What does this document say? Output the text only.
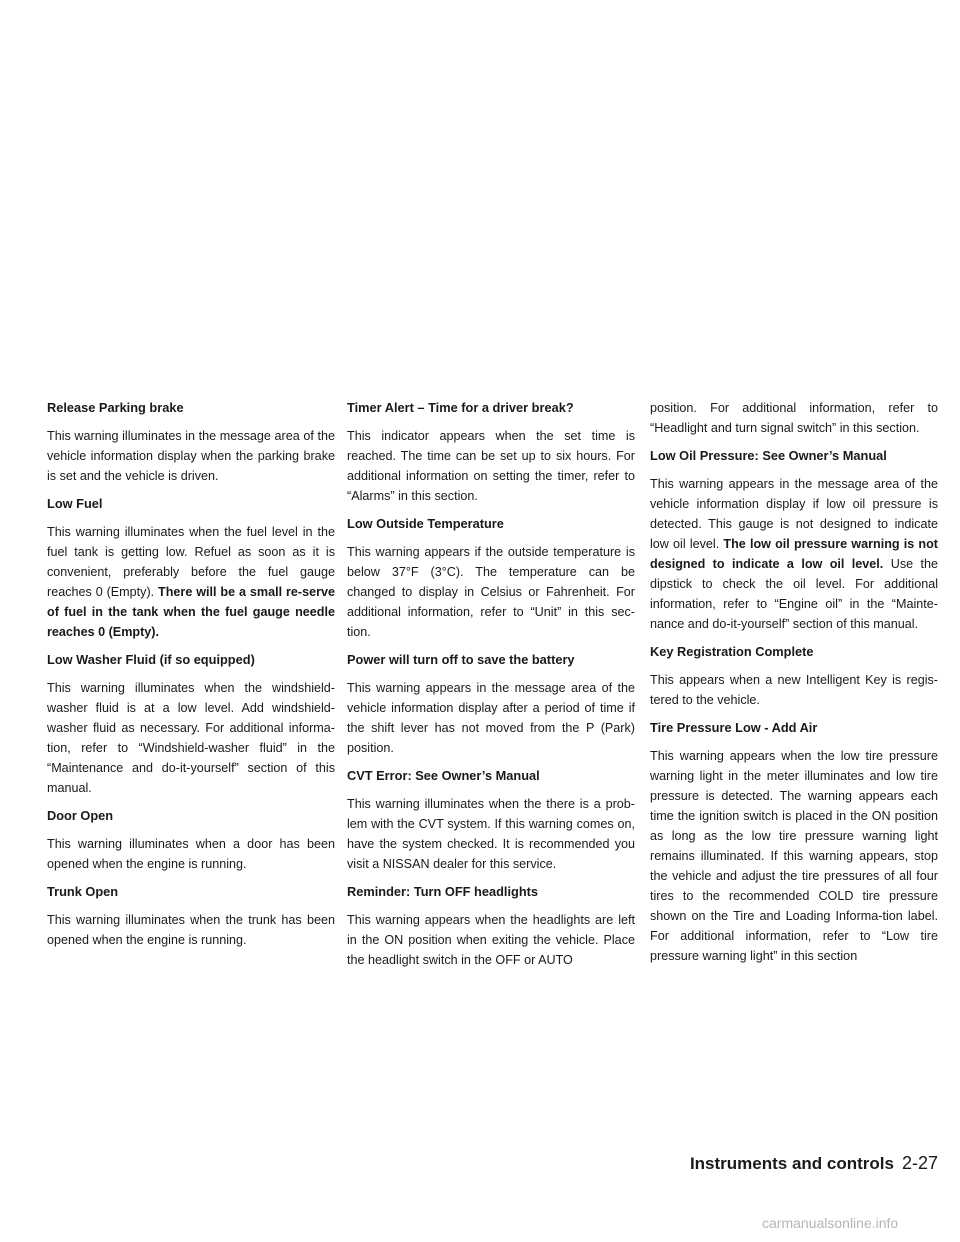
Release Parking brake

This warning illuminates in the message area of the vehicle information display when the parking brake is set and the vehicle is driven.

Low Fuel

This warning illuminates when the fuel level in the fuel tank is getting low. Refuel as soon as it is convenient, preferably before the fuel gauge reaches 0 (Empty). There will be a small re-serve of fuel in the tank when the fuel gauge needle reaches 0 (Empty).

Low Washer Fluid (if so equipped)

This warning illuminates when the windshield-washer fluid is at a low level. Add windshield-washer fluid as necessary. For additional informa-tion, refer to “Windshield-washer fluid” in the “Maintenance and do-it-yourself” section of this manual.

Door Open

This warning illuminates when a door has been opened when the engine is running.

Trunk Open

This warning illuminates when the trunk has been opened when the engine is running.

Timer Alert – Time for a driver break?

This indicator appears when the set time is reached. The time can be set up to six hours. For additional information on setting the timer, refer to “Alarms” in this section.

Low Outside Temperature

This warning appears if the outside temperature is below 37°F (3°C). The temperature can be changed to display in Celsius or Fahrenheit. For additional information, refer to “Unit” in this sec-tion.

Power will turn off to save the battery

This warning appears in the message area of the vehicle information display after a period of time if the shift lever has not moved from the P (Park) position.

CVT Error: See Owner’s Manual

This warning illuminates when the there is a prob-lem with the CVT system. If this warning comes on, have the system checked. It is recommended you visit a NISSAN dealer for this service.

Reminder: Turn OFF headlights

This warning appears when the headlights are left in the ON position when exiting the vehicle. Place the headlight switch in the OFF or AUTO

position. For additional information, refer to “Headlight and turn signal switch” in this section.

Low Oil Pressure: See Owner’s Manual

This warning appears in the message area of the vehicle information display if low oil pressure is detected. This gauge is not designed to indicate low oil level. The low oil pressure warning is not designed to indicate a low oil level. Use the dipstick to check the oil level. For additional information, refer to “Engine oil” in the “Mainte-nance and do-it-yourself” section of this manual.

Key Registration Complete

This appears when a new Intelligent Key is regis-tered to the vehicle.

Tire Pressure Low - Add Air

This warning appears when the low tire pressure warning light in the meter illuminates and low tire pressure is detected. The warning appears each time the ignition switch is placed in the ON position as long as the low tire pressure warning light remains illuminated. If this warning appears, stop the vehicle and adjust the tire pressures of all four tires to the recommended COLD tire pressure shown on the Tire and Loading Informa-tion label. For additional information, refer to “Low tire pressure warning light” in this section

Instruments and controls 2-27
carmanualsonline.info
